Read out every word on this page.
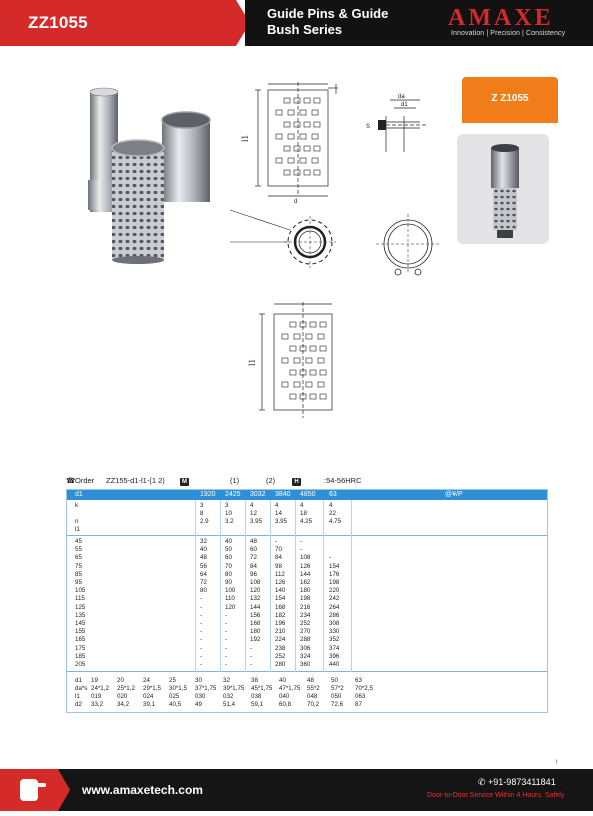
ZZ1055	Guide Pins & Guide
Bush Series	AMAXE
Innovation | Precision | Consistency
l1
d
da
d1
S
l1
Z Z1055
☎ Order ZZ155-d1-l1-(1 2)	M	(1)	(2)	H	:54-56HRC
d1	1920 2425 3032 3840 4850 63	@¥/P
k	3	3	4	4	4	4
8	10	12	14	18	22
n	2.9	3.2	3.95 3.95 4.25	4.75
l1
45	32	40	48	-	-
55	40	50	60	70	-
65	48	60	72	84	108	-
75	56	70	84	98	126	154
85	64	80	96	112 144	176
95	72	90	108 126 162	198
105	80	100 120 140 180	220
115	-	110 132 154 198	242
125	-	120 144 168 216	264
135	-	-	156 182 234	286
145	-	-	168 196 252	308
155	-	-	180 210 270	330
165	-	-	192 224 288	352
175	-	-	-	238 306	374
185	-	-	-	252 324	396
205	-	-	-	280 360	440
d1 19	20	24	25	30	32	38	40	48	50	63
da*s 24*1,2 25*1,2 29*1,5 30*1,5 37*1,75 39*1,75 45*1,75 47*1,75 55*2 57*2 70*2,5
l1 019	020	024	025	030	032	038	040	048 050 063
d2 33,2 34,2 39,1 40,5 49	51,4	59,1	60,8	70,2 72,6 87
!
www.amaxetech.com
✆ +91-9873411841
Door-to-Door Service Within 4 Hours, Safely
